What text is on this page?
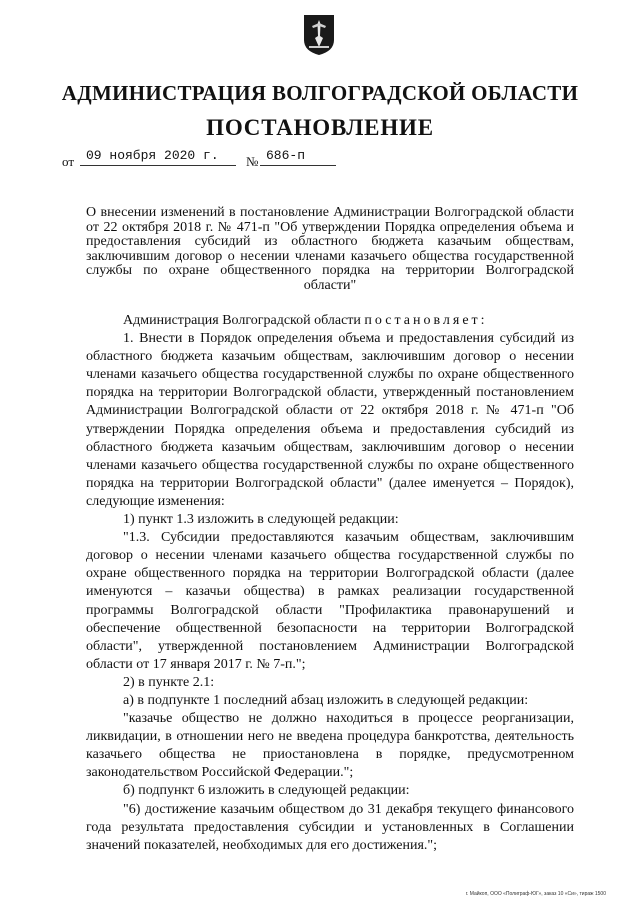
АДМИНИСТРАЦИЯ ВОЛГОГРАДСКОЙ ОБЛАСТИ
ПОСТАНОВЛЕНИЕ
от 09 ноября 2020 г.	№ 686-п
О внесении изменений в постановление Администрации Волгоградской области от 22 октября 2018 г. № 471-п "Об утверждении Порядка определения объема и предоставления субсидий из областного бюджета казачьим обществам, заключившим договор о несении членами казачьего общества государственной службы по охране общественного порядка на территории Волгоградской области"

Администрация Волгоградской области постановляет:

1. Внести в Порядок определения объема и предоставления субсидий из областного бюджета казачьим обществам, заключившим договор о несении членами казачьего общества государственной службы по охране общественного порядка на территории Волгоградской области, утвержденный постановлением Администрации Волгоградской области от 22 октября 2018 г. № 471-п "Об утверждении Порядка определения объема и предоставления субсидий из областного бюджета казачьим обществам, заключившим договор о несении членами казачьего общества государственной службы по охране общественного порядка на территории Волгоградской области" (далее именуется – Порядок), следующие изменения:

1) пункт 1.3 изложить в следующей редакции:

"1.3. Субсидии предоставляются казачьим обществам, заключившим договор о несении членами казачьего общества государственной службы по охране общественного порядка на территории Волгоградской области (далее именуются – казачьи общества) в рамках реализации государственной программы Волгоградской области "Профилактика правонарушений и обеспечение общественной безопасности на территории Волгоградской области", утвержденной постановлением Администрации Волгоградской области от 17 января 2017 г. № 7-п.";

2) в пункте 2.1:

а) в подпункте 1 последний абзац изложить в следующей редакции:

"казачье общество не должно находиться в процессе реорганизации, ликвидации, в отношении него не введена процедура банкротства, деятельность казачьего общества не приостановлена в порядке, предусмотренном законодательством Российской Федерации.";

б) подпункт 6 изложить в следующей редакции:

"6) достижение казачьим обществом до 31 декабря текущего финансового года результата предоставления субсидии и установленных в Соглашении значений показателей, необходимых для его достижения.";

г. Майкоп, ООО «Полиграф-ЮГ», заказ 10 «Си», тираж 1500
